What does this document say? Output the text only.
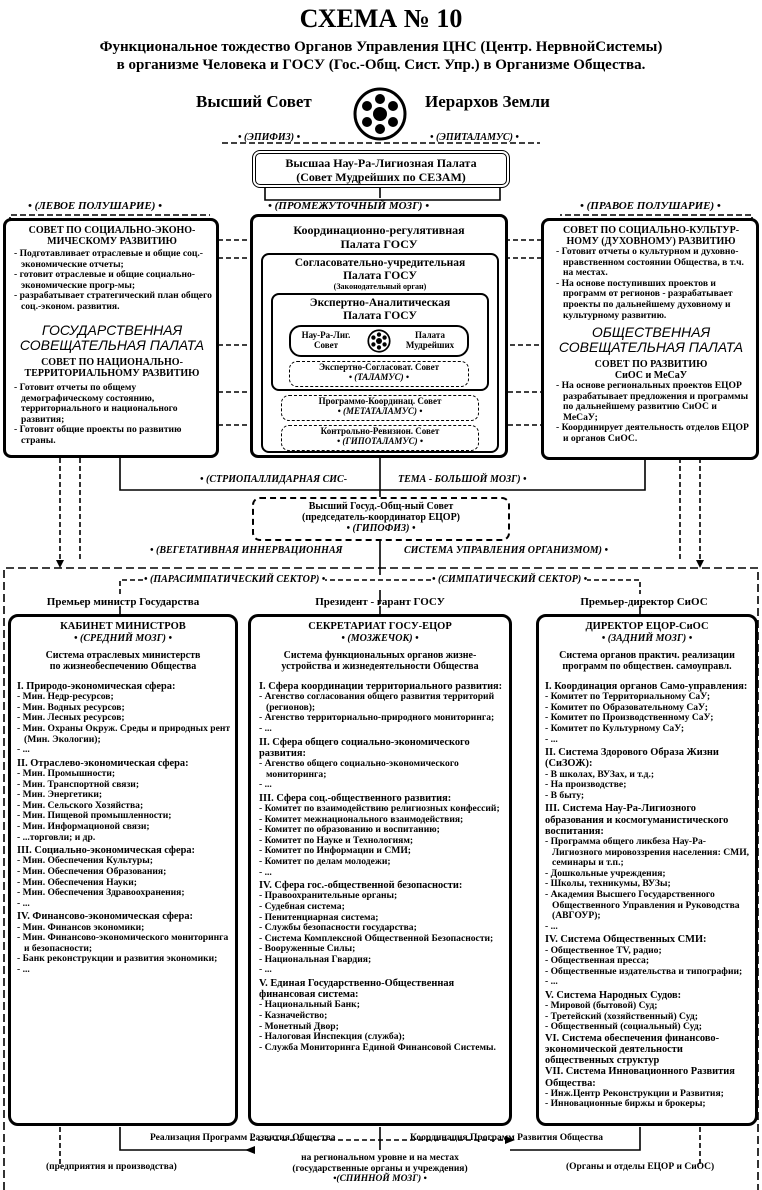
СХЕМА № 10
Функциональное тождество Органов Управления ЦНС (Центр. НервнойСистемы)
в организме Человека и ГОСУ (Гос.-Общ. Сист. Упр.) в Организме Общества.
Высший Совет	Иерархов Земли
• (ЭПИФИЗ) •	• (ЭПИТАЛАМУС) •
Высшаа Нау-Ра-Лигиозная Палата
(Совет Мудрейших по СЕЗАМ)
• (ЛЕВОЕ ПОЛУШАРИЕ) •	• (ПРОМЕЖУТОЧНЫЙ МОЗГ) •	• (ПРАВОЕ ПОЛУШАРИЕ) •
СОВЕТ ПО СОЦИАЛЬНО-ЭКОНО-
МИЧЕСКОМУ РАЗВИТИЮ
- Подготавливает отраслевые и общие соц.-экономические отчеты;
- готовит отраслевые и общие социально-экономические прогр-мы;
- разрабатывает стратегический план общего соц.-эконом. развития.
ГОСУДАРСТВЕННАЯ
СОВЕЩАТЕЛЬНАЯ ПАЛАТА
СОВЕТ ПО НАЦИОНАЛЬНО-
ТЕРРИТОРИАЛЬНОМУ РАЗВИТИЮ
- Готовит отчеты по общему демографическому состоянию, территориального и национального развития;
- Готовит общие проекты по развитию страны.
Координационно-регулятивная
Палата ГОСУ
Согласовательно-учредительная
Палата ГОСУ
(Законодательный орган)
Экспертно-Аналитическая
Палата ГОСУ
Нау-Ра-Лиг.
Совет
Палата
Мудрейших
Экспертно-Согласоват. Совет
• (ТАЛАМУС) •
Программо-Координац. Совет
• (МЕТАТАЛАМУС) •
Контрольно-Ревизион. Совет
• (ГИПОТАЛАМУС) •
СОВЕТ ПО СОЦИАЛЬНО-КУЛЬТУР-
НОМУ (ДУХОВНОМУ) РАЗВИТИЮ
- Готовит отчеты о культурном и духовно-нравственном состоянии Общества, в т.ч. на местах.
- На основе поступивших проектов и программ от регионов - разрабатывает проекты по дальнейшему духовному и культурному развитию.
ОБЩЕСТВЕННАЯ
СОВЕЩАТЕЛЬНАЯ ПАЛАТА
СОВЕТ ПО РАЗВИТИЮ
СиОС и МеСаУ
- На основе региональных проектов ЕЦОР разрабатывает предложения и программы по дальнейшему развитию СиОС и МеСаУ;
- Координирует деятельность отделов ЕЦОР и органов СиОС.
• (СТРИОПАЛЛИДАРНАЯ СИС-	ТЕМА - БОЛЬШОЙ МОЗГ) •
Высший Госуд.-Общ-ный Совет
(председатель-координатор ЕЦОР)
• (ГИПОФИЗ) •
• (ВЕГЕТАТИВНАЯ ИННЕРВАЦИОННАЯ	СИСТЕМА УПРАВЛЕНИЯ ОРГАНИЗМОМ) •
• (ПАРАСИМПАТИЧЕСКИЙ СЕКТОР) •	• (СИМПАТИЧЕСКИЙ СЕКТОР) •
Премьер министр Государства	Президент - гарант ГОСУ	Премьер-директор СиОС
КАБИНЕТ МИНИСТРОВ
• (СРЕДНИЙ МОЗГ) •
Система отраслевых министерств
по жизнеобеспечению Общества
I. Природо-экономическая сфера:
- Мин. Недр-ресурсов;
- Мин. Водных ресурсов;
- Мин. Лесных ресурсов;
- Мин. Охраны Окруж. Среды и природных рент (Мин. Экологии);
- ...
II. Отраслево-экономическая сфера:
- Мин. Промышности;
- Мин. Транспортной связи;
- Мин. Энергетики;
- Мин. Сельского Хозяйства;
- Мин. Пищевой промышленности;
- Мин. Информационой связи;
- ...торговли; и др.
III. Социально-экономическая сфера:
- Мин. Обеспечения Культуры;
- Мин. Обеспечения Образования;
- Мин. Обеспечения Науки;
- Мин. Обеспечения Здравоохранения;
- ...
IV. Финансово-экономическая сфера:
- Мин. Финансов экономики;
- Мин. Финансово-экономического мониторинга и безопасности;
- Банк реконструкции и развития экономики;
- ...
СЕКРЕТАРИАТ ГОСУ-ЕЦОР
• (МОЗЖЕЧОК) •
Система функциональных органов жизне-
устройства и жизнедеятельности Общества
I. Сфера координации территориального развития:
- Агенство согласования общего развития территорий (регионов);
- Агенство территориально-природного мониторинга;
- ...
II. Сфера общего социально-экономического развития:
- Агенство общего социально-экономического мониторинга;
- ...
III. Сфера соц.-общественного развития:
- Комитет по взаимодействию религиозных конфессий;
- Комитет межнационального взаимодействия;
- Комитет по образованию и воспитанию;
- Комитет по Науке и Технологиям;
- Комитет по Информации и СМИ;
- Комитет по делам молодежи;
- ...
IV. Сфера гос.-общественной безопасности:
- Правоохранительные органы;
- Судебная система;
- Пенитенциарная система;
- Службы безопасности государства;
- Система Комплексной Общественной Безопасности;
- Вооруженные Силы;
- Национальная Гвардия;
- ...
V. Единая Государственно-Общественная финансовая система:
- Национальный Банк;
- Казначейство;
- Монетный Двор;
- Налоговая Инспекция (служба);
- Служба Мониторинга Единой Финансовой Системы.
ДИРЕКТОР ЕЦОР-СиОС
• (ЗАДНИЙ МОЗГ) •
Система органов практич. реализации
программ по обществен. самоуправл.
I. Координация органов Само-управления:
- Комитет по Территориальному СаУ;
- Комитет по Образовательному СаУ;
- Комитет по Производственному СаУ;
- Комитет по Культурному СаУ;
- ...
II. Система Здорового Образа Жизни (СиЗОЖ):
- В школах, ВУЗах, и т.д.;
- На производстве;
- В быту;
III. Система Нау-Ра-Лигиозного образования и космогуманистического воспитания:
- Программа общего ликбеза Нау-Ра-Лигиозного мировоззрения населения: СМИ, семинары и т.п.;
- Дошкольные учреждения;
- Школы, техникумы, ВУЗы;
- Академия Высшего Государственного Общественного Управления и Руководства (АВГОУР);
- ...
IV. Система Общественных СМИ:
- Общественное TV, радио;
- Общественная пресса;
- Общественные издательства и типографии;
- ...
V. Система Народных Судов:
- Мировой (бытовой) Суд;
- Третейский (хозяйственный) Суд;
- Общественный (социальный) Суд;
VI. Система обеспечения финансово-экономической деятельности общественных структур
VII. Система Инновационного Развития Общества:
- Инж.Центр Реконструкции и Развития;
- Инновационные биржы и брокеры;
Реализация Программ Развития Общества	Координация Программ Развития Общества
(предприятия и производства)
на региональном уровне и на местах
(государственные органы и учреждения)
•(СПИННОЙ МОЗГ) •
(Органы и отделы ЕЦОР и СиОС)
